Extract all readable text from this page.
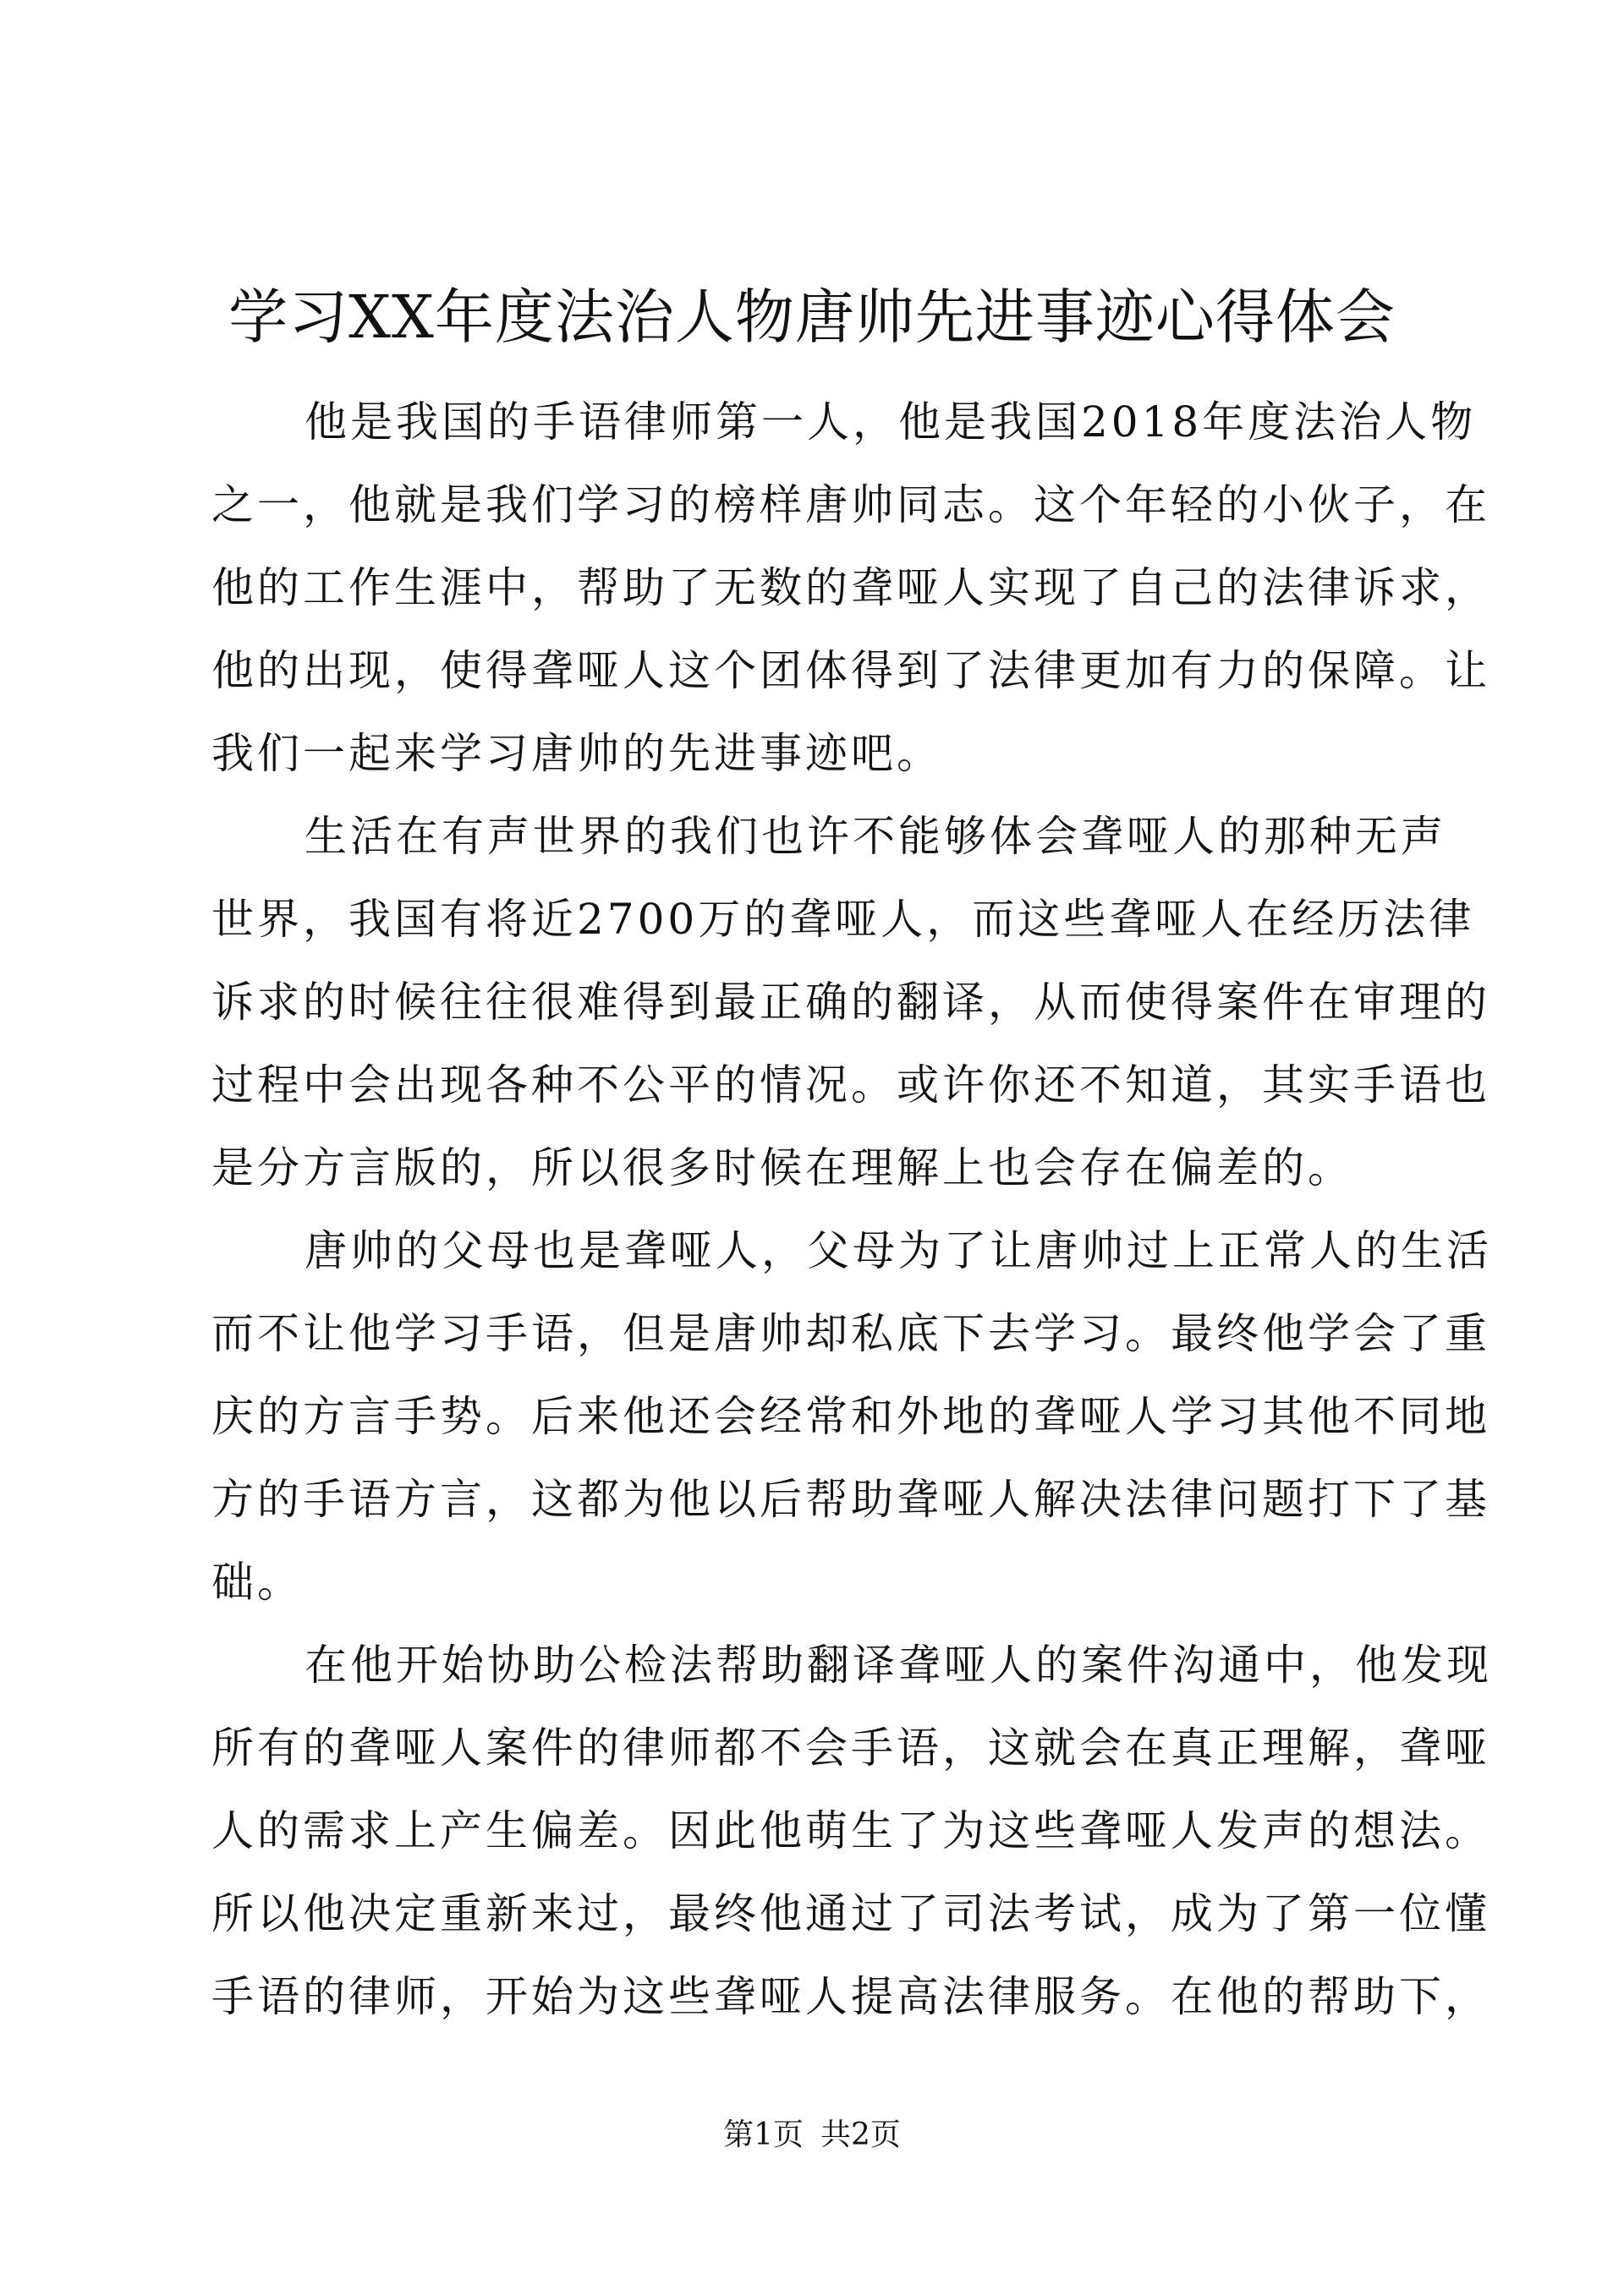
学习XX年度法治人物唐帅先进事迹心得体会
他是我国的手语律师第一人，他是我国2018年度法治人物
之一，他就是我们学习的榜样唐帅同志。这个年轻的小伙子，在
他的工作生涯中，帮助了无数的聋哑人实现了自己的法律诉求，
他的出现，使得聋哑人这个团体得到了法律更加有力的保障。让
我们一起来学习唐帅的先进事迹吧。
生活在有声世界的我们也许不能够体会聋哑人的那种无声
世界，我国有将近2700万的聋哑人，而这些聋哑人在经历法律
诉求的时候往往很难得到最正确的翻译，从而使得案件在审理的
过程中会出现各种不公平的情况。或许你还不知道，其实手语也
是分方言版的，所以很多时候在理解上也会存在偏差的。
唐帅的父母也是聋哑人，父母为了让唐帅过上正常人的生活
而不让他学习手语，但是唐帅却私底下去学习。最终他学会了重
庆的方言手势。后来他还会经常和外地的聋哑人学习其他不同地
方的手语方言，这都为他以后帮助聋哑人解决法律问题打下了基
础。
在他开始协助公检法帮助翻译聋哑人的案件沟通中，他发现
所有的聋哑人案件的律师都不会手语，这就会在真正理解，聋哑
人的需求上产生偏差。因此他萌生了为这些聋哑人发声的想法。
所以他决定重新来过，最终他通过了司法考试，成为了第一位懂
手语的律师，开始为这些聋哑人提高法律服务。在他的帮助下，
第1页 共2页
